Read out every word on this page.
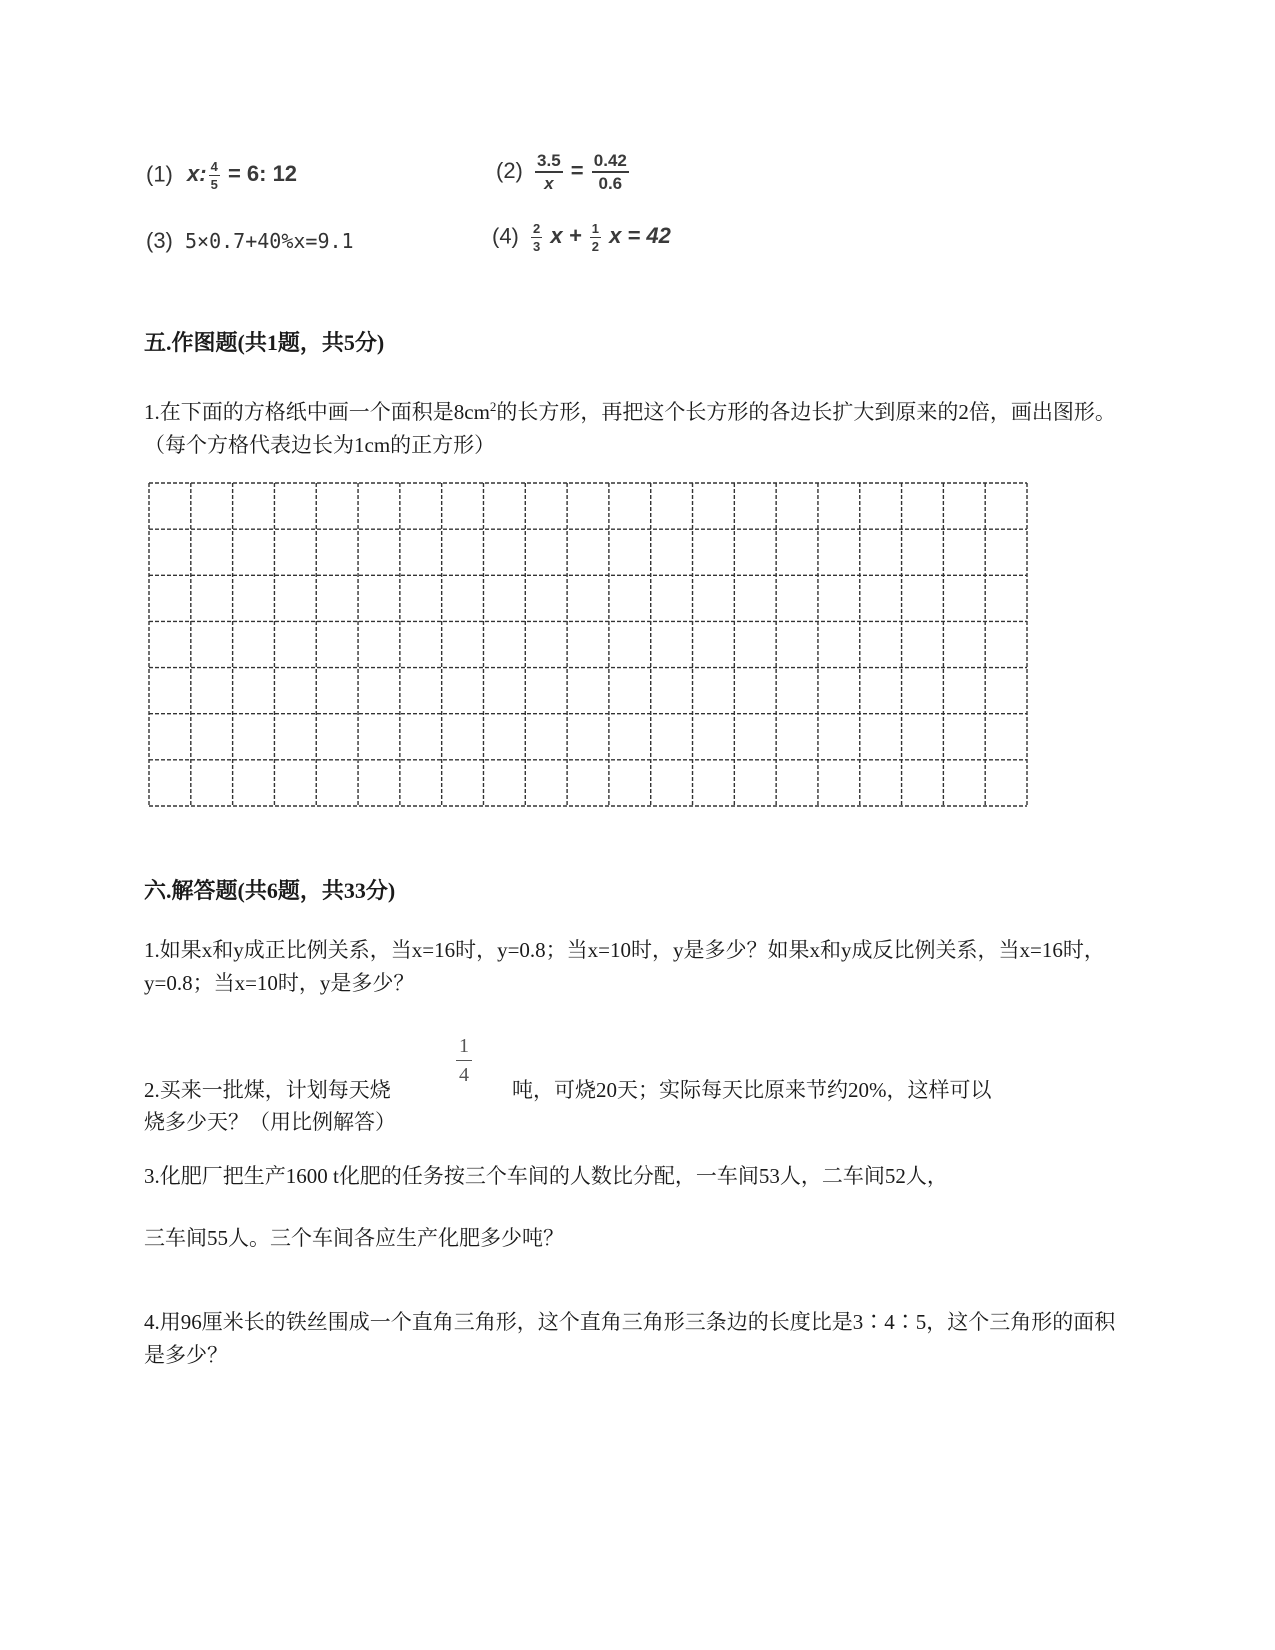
(1) x: $\frac{4}{5} = 6$: 12	$(2) \frac{3.5}{x} = \frac{0.42}{0.6}$
(3) 5×0.7+40%x=9.1	$(4) \frac{2}{3}$ $x + \frac{1}{2}$ x = 42
五.作图题(共1题，共5分)
1.在下面的方格纸中画一个面积是$8cm^2$的长方形，再把这个长方形的各边长扩大到原来的2倍，画出图形。（每个方格代表边长为1cm的正方形）
六.解答题(共6题，共33分)
1.如果x和y成正比例关系，当x=16时，y=0.8；当x=10时，y是多少？如果x和y成反比例关系，当x=16时，y=0.8；当x=10时，y是多少？
2.买来一批煤，计划每天烧
$\frac{1}{4}$
吨，可烧20天；实际每天比原来节约20%，这样可以
烧多少天？（用比例解答）
3.化肥厂把生产1600 t化肥的任务按三个车间的人数比分配，一车间53人，二车间52人，
三车间55人。三个车间各应生产化肥多少吨？
4.用96厘米长的铁丝围成一个直角三角形，这个直角三角形三条边的长度比是3∶4∶5，这个三角形的面积是多少？
